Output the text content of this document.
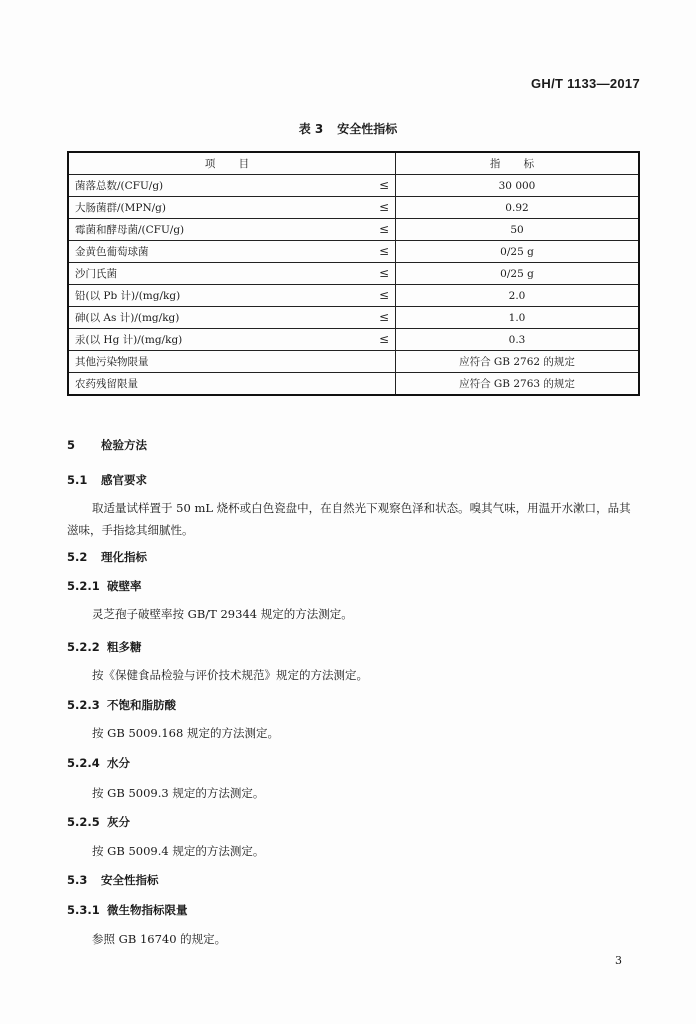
GH/T 1133—2017
表 3 安全性指标
项 目	指 标
菌落总数/(CFU/g) ≤	30 000
大肠菌群/(MPN/g) ≤	0.92
霉菌和酵母菌/(CFU/g) ≤	50
金黄色葡萄球菌 ≤	0/25 g
沙门氏菌 ≤	0/25 g
铅(以 Pb 计)/(mg/kg) ≤	2.0
砷(以 As 计)/(mg/kg) ≤	1.0
汞(以 Hg 计)/(mg/kg) ≤	0.3
其他污染物限量	应符合 GB 2762 的规定
农药残留限量	应符合 GB 2763 的规定
5 检验方法
5.1 感官要求
取适量试样置于 50 mL 烧杯或白色瓷盘中，在自然光下观察色泽和状态。嗅其气味，用温开水漱口，品其滋味，手指捻其细腻性。
5.2 理化指标
5.2.1 破壁率
灵芝孢子破壁率按 GB/T 29344 规定的方法测定。
5.2.2 粗多糖
按《保健食品检验与评价技术规范》规定的方法测定。
5.2.3 不饱和脂肪酸
按 GB 5009.168 规定的方法测定。
5.2.4 水分
按 GB 5009.3 规定的方法测定。
5.2.5 灰分
按 GB 5009.4 规定的方法测定。
5.3 安全性指标
5.3.1 微生物指标限量
参照 GB 16740 的规定。
3
